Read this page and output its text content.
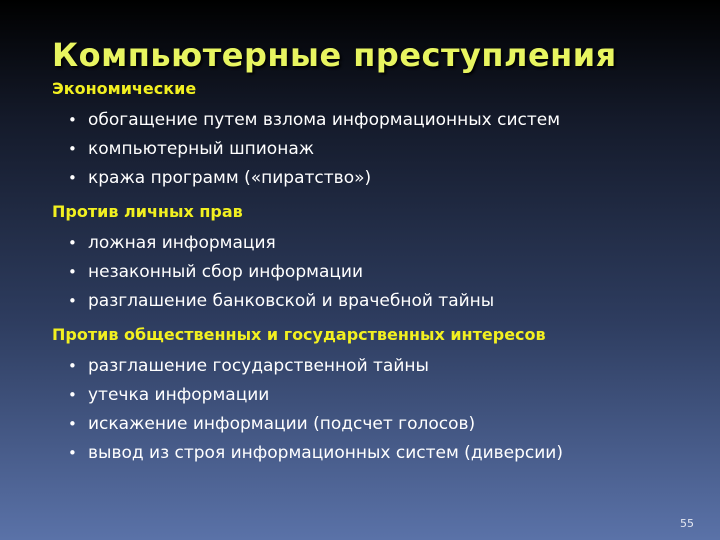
Компьютерные преступления
Экономические
• обогащение путем взлома информационных систем
• компьютерный шпионаж
• кража программ («пиратство»)
Против личных прав
• ложная информация
• незаконный сбор информации
• разглашение банковской и врачебной тайны
Против общественных и государственных интересов
• разглашение государственной тайны
• утечка информации
• искажение информации (подсчет голосов)
• вывод из строя информационных систем (диверсии)
55
